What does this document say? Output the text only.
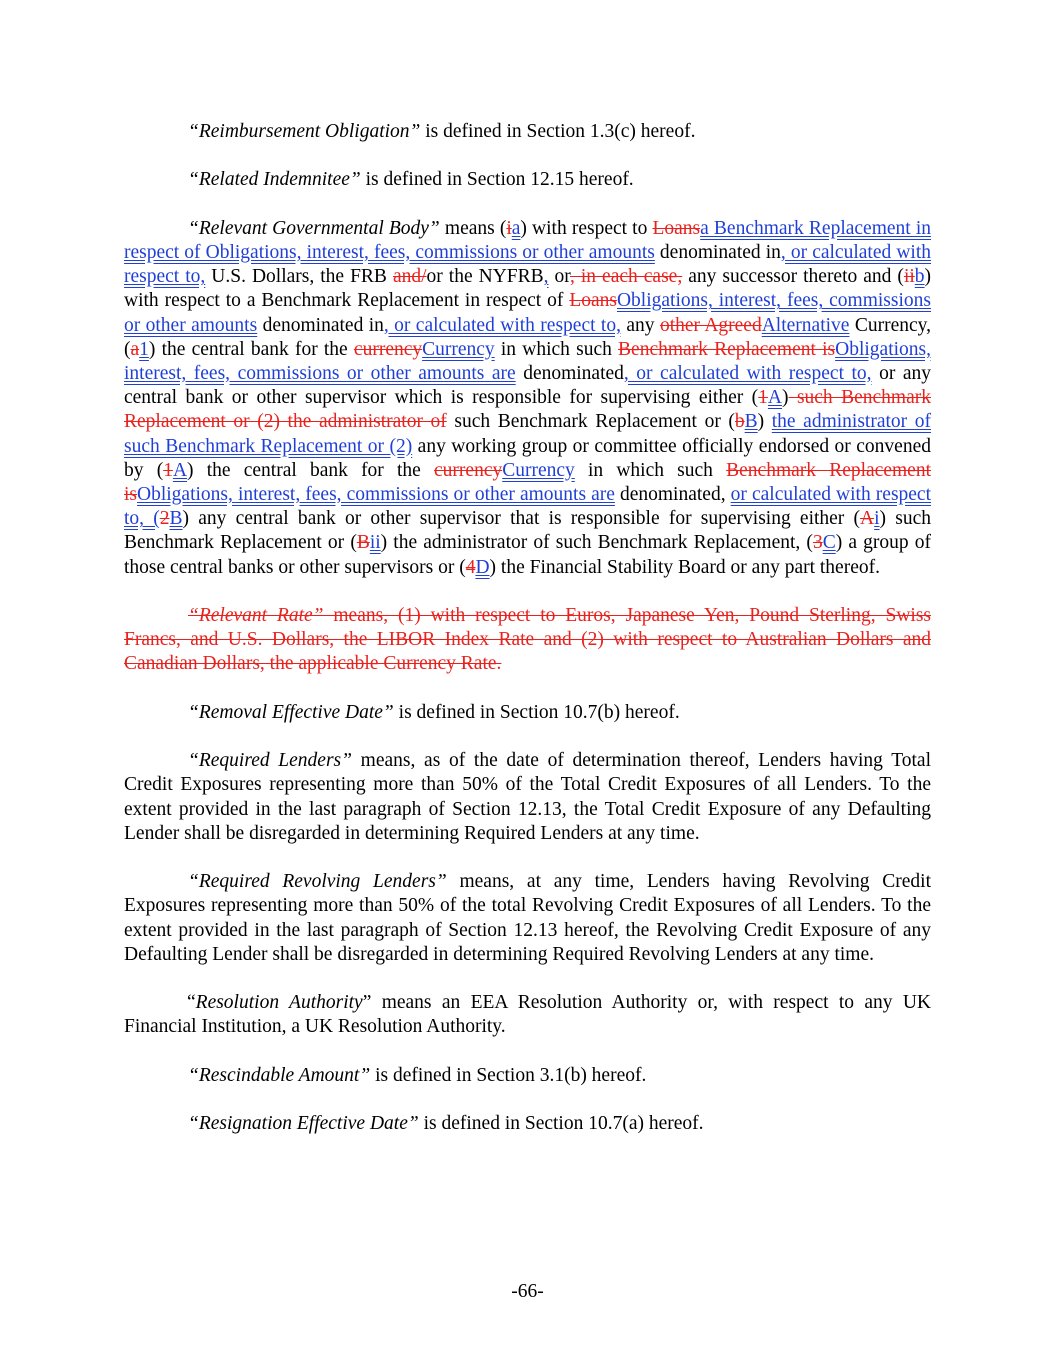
“Reimbursement Obligation” is defined in Section 1.3(c) hereof.

“Related Indemnitee” is defined in Section 12.15 hereof.

“Relevant Governmental Body” means (ia) with respect to Loansa Benchmark Replacement in respect of Obligations, interest, fees, commissions or other amounts denominated in, or calculated with respect to, U.S. Dollars, the FRB and/or the NYFRB, or, in each case, any successor thereto and (iib) with respect to a Benchmark Replacement in respect of LoansObligations, interest, fees, commissions or other amounts denominated in, or calculated with respect to, any other AgreedAlternative Currency, (a1) the central bank for the currencyCurrency in which such Benchmark Replacement isObligations, interest, fees, commissions or other amounts are denominated, or calculated with respect to, or any central bank or other supervisor which is responsible for supervising either (1A) such Benchmark Replacement or (2) the administrator of such Benchmark Replacement or (bB) the administrator of such Benchmark Replacement or (2) any working group or committee officially endorsed or convened by (1A) the central bank for the currencyCurrency in which such Benchmark Replacement isObligations, interest, fees, commissions or other amounts are denominated, or calculated with respect to, (2B) any central bank or other supervisor that is responsible for supervising either (Ai) such Benchmark Replacement or (Bii) the administrator of such Benchmark Replacement, (3C) a group of those central banks or other supervisors or (4D) the Financial Stability Board or any part thereof.

“Relevant Rate” means, (1) with respect to Euros, Japanese Yen, Pound Sterling, Swiss Francs, and U.S. Dollars, the LIBOR Index Rate and (2) with respect to Australian Dollars and Canadian Dollars, the applicable Currency Rate.

“Removal Effective Date” is defined in Section 10.7(b) hereof.

“Required Lenders” means, as of the date of determination thereof, Lenders having Total Credit Exposures representing more than 50% of the Total Credit Exposures of all Lenders. To the extent provided in the last paragraph of Section 12.13, the Total Credit Exposure of any Defaulting Lender shall be disregarded in determining Required Lenders at any time.

“Required Revolving Lenders” means, at any time, Lenders having Revolving Credit Exposures representing more than 50% of the total Revolving Credit Exposures of all Lenders. To the extent provided in the last paragraph of Section 12.13 hereof, the Revolving Credit Exposure of any Defaulting Lender shall be disregarded in determining Required Revolving Lenders at any time.

“Resolution Authority” means an EEA Resolution Authority or, with respect to any UK Financial Institution, a UK Resolution Authority.

“Rescindable Amount” is defined in Section 3.1(b) hereof.

“Resignation Effective Date” is defined in Section 10.7(a) hereof.

-66-
